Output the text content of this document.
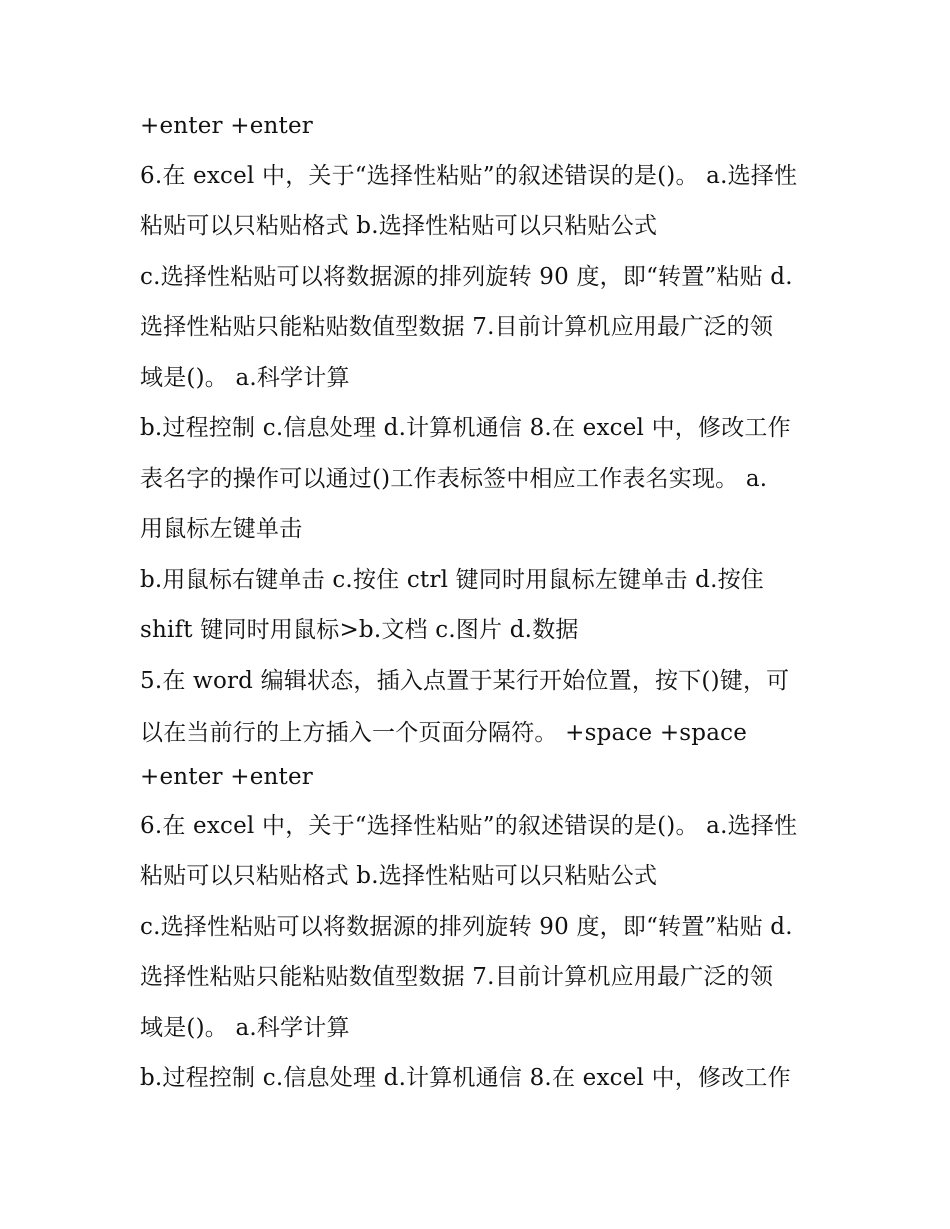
+enter +enter

6.在 excel 中，关于“选择性粘贴”的叙述错误的是()。 a.选择性

粘贴可以只粘贴格式 b.选择性粘贴可以只粘贴公式

c.选择性粘贴可以将数据源的排列旋转 90 度，即“转置”粘贴 d.

选择性粘贴只能粘贴数值型数据 7.目前计算机应用最广泛的领

域是()。 a.科学计算

b.过程控制 c.信息处理 d.计算机通信 8.在 excel 中，修改工作

表名字的操作可以通过()工作表标签中相应工作表名实现。 a.

用鼠标左键单击

b.用鼠标右键单击 c.按住 ctrl 键同时用鼠标左键单击 d.按住

shift 键同时用鼠标>b.文档 c.图片 d.数据

5.在 word 编辑状态，插入点置于某行开始位置，按下()键，可

以在当前行的上方插入一个页面分隔符。 +space +space

+enter +enter

6.在 excel 中，关于“选择性粘贴”的叙述错误的是()。 a.选择性

粘贴可以只粘贴格式 b.选择性粘贴可以只粘贴公式

c.选择性粘贴可以将数据源的排列旋转 90 度，即“转置”粘贴 d.

选择性粘贴只能粘贴数值型数据 7.目前计算机应用最广泛的领

域是()。 a.科学计算

b.过程控制 c.信息处理 d.计算机通信 8.在 excel 中，修改工作
